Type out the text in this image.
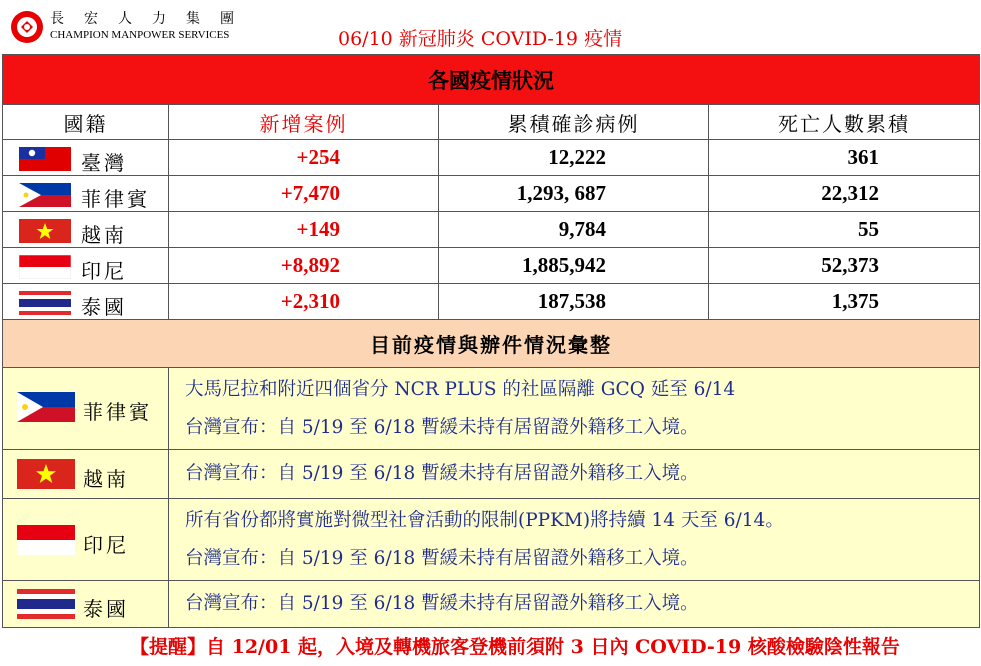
長宏人力集團
CHAMPION MANPOWER SERVICES	06/10 新冠肺炎 COVID-19 疫情
各國疫情狀況			
國籍	新增案例	累積確診病例	死亡人數累積

臺灣	+254	12,222	361

菲律賓	+7,470	1,293, 687	22,312

越南	+149	9,784	55

印尼	+8,892	1,885,942	52,373

泰國	+2,310	187,538	1,375
目前疫情與辦件情況彙整			

菲律賓	大馬尼拉和附近四個省分 NCR PLUS 的社區隔離 GCQ 延至 6/14
台灣宣布：自 5/19 至 6/18 暫緩未持有居留證外籍移工入境。		

越南	台灣宣布：自 5/19 至 6/18 暫緩未持有居留證外籍移工入境。		

印尼	所有省份都將實施對微型社會活動的限制(PPKM)將持續 14 天至 6/14。
台灣宣布：自 5/19 至 6/18 暫緩未持有居留證外籍移工入境。		

泰國	台灣宣布：自 5/19 至 6/18 暫緩未持有居留證外籍移工入境。		
【提醒】自 12/01 起，入境及轉機旅客登機前須附 3 日內 COVID-19 核酸檢驗陰性報告
